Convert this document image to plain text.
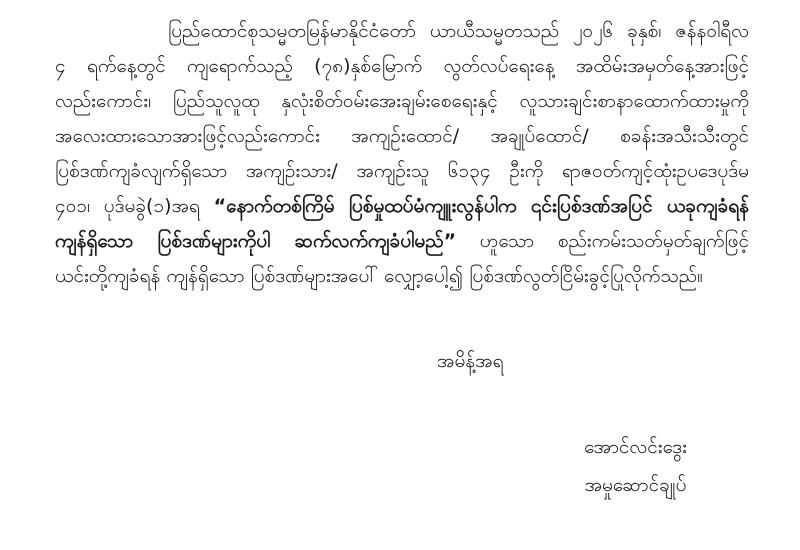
ပြည်ထောင်စုသမ္မတမြန်မာနိုင်ငံတော် ယာယီသမ္မတသည် ၂၀၂၆ ခုနှစ်၊ ဇန်နဝါရီလ
၄ ရက်နေ့တွင် ကျရောက်သည့် (၇၈)နှစ်မြောက် လွတ်လပ်ရေးနေ့ အထိမ်းအမှတ်နေ့အားဖြင့်
လည်းကောင်း၊ ပြည်သူလူထု နှလုံးစိတ်ဝမ်းအေးချမ်းစေရေးနှင့် လူသားချင်းစာနာထောက်ထားမှုကို
အလေးထားသောအားဖြင့်လည်းကောင်း အကျဉ်းထောင်/ အချုပ်ထောင်/ စခန်းအသီးသီးတွင်
ပြစ်ဒဏ်ကျခံလျက်ရှိသော အကျဉ်းသား/ အကျဉ်းသူ ၆၁၃၄ ဦးကို ရာဇဝတ်ကျင့်ထုံးဥပဒေပုဒ်မ
၄၀၁၊ ပုဒ်မခွဲ(၁)အရ “နောက်တစ်ကြိမ် ပြစ်မှုထပ်မံကျူးလွန်ပါက ၎င်းပြစ်ဒဏ်အပြင် ယခုကျခံရန်
ကျန်ရှိသော ပြစ်ဒဏ်များကိုပါ ဆက်လက်ကျခံပါမည်” ဟူသော စည်းကမ်းသတ်မှတ်ချက်ဖြင့်
ယင်းတို့ကျခံရန် ကျန်ရှိသော ပြစ်ဒဏ်များအပေါ် လျှော့ပေါ့၍ ပြစ်ဒဏ်လွတ်ငြိမ်းခွင့်ပြုလိုက်သည်။
အမိန့်အရ
အောင်လင်းဒွေး
အမှုဆောင်ချုပ်
